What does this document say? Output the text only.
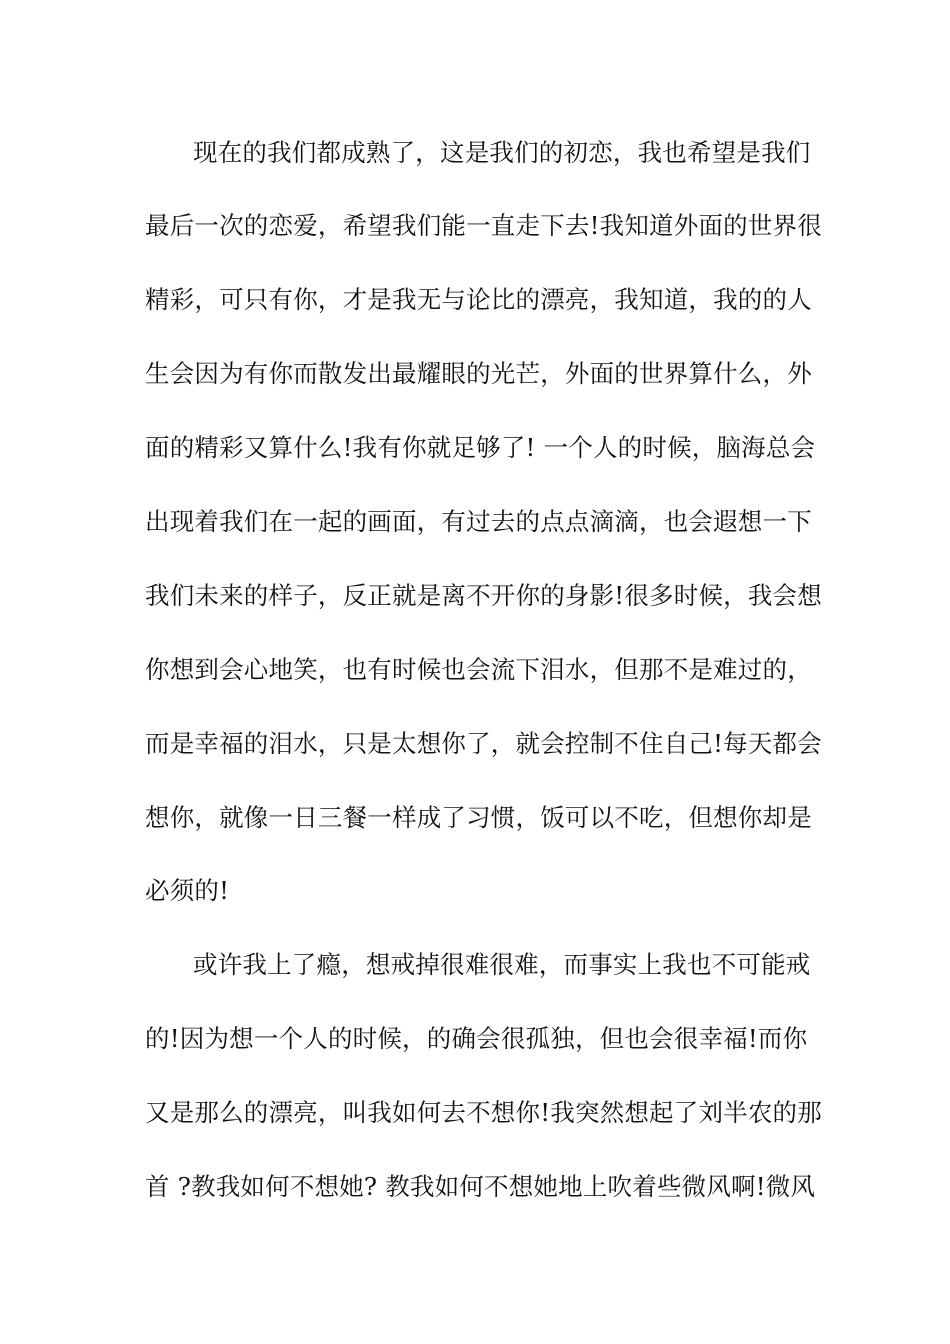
现在的我们都成熟了，这是我们的初恋，我也希望是我们
最后一次的恋爱，希望我们能一直走下去!我知道外面的世界很
精彩，可只有你，才是我无与论比的漂亮，我知道，我的的人
生会因为有你而散发出最耀眼的光芒，外面的世界算什么，外
面的精彩又算什么!我有你就足够了! 一个人的时候，脑海总会
出现着我们在一起的画面，有过去的点点滴滴，也会遐想一下
我们未来的样子，反正就是离不开你的身影!很多时候，我会想
你想到会心地笑，也有时候也会流下泪水，但那不是难过的，
而是幸福的泪水，只是太想你了，就会控制不住自己!每天都会
想你，就像一日三餐一样成了习惯，饭可以不吃，但想你却是
必须的!
或许我上了瘾，想戒掉很难很难，而事实上我也不可能戒
的!因为想一个人的时候，的确会很孤独，但也会很幸福!而你
又是那么的漂亮，叫我如何去不想你!我突然想起了刘半农的那
首 ?教我如何不想她? 教我如何不想她地上吹着些微风啊!微风
